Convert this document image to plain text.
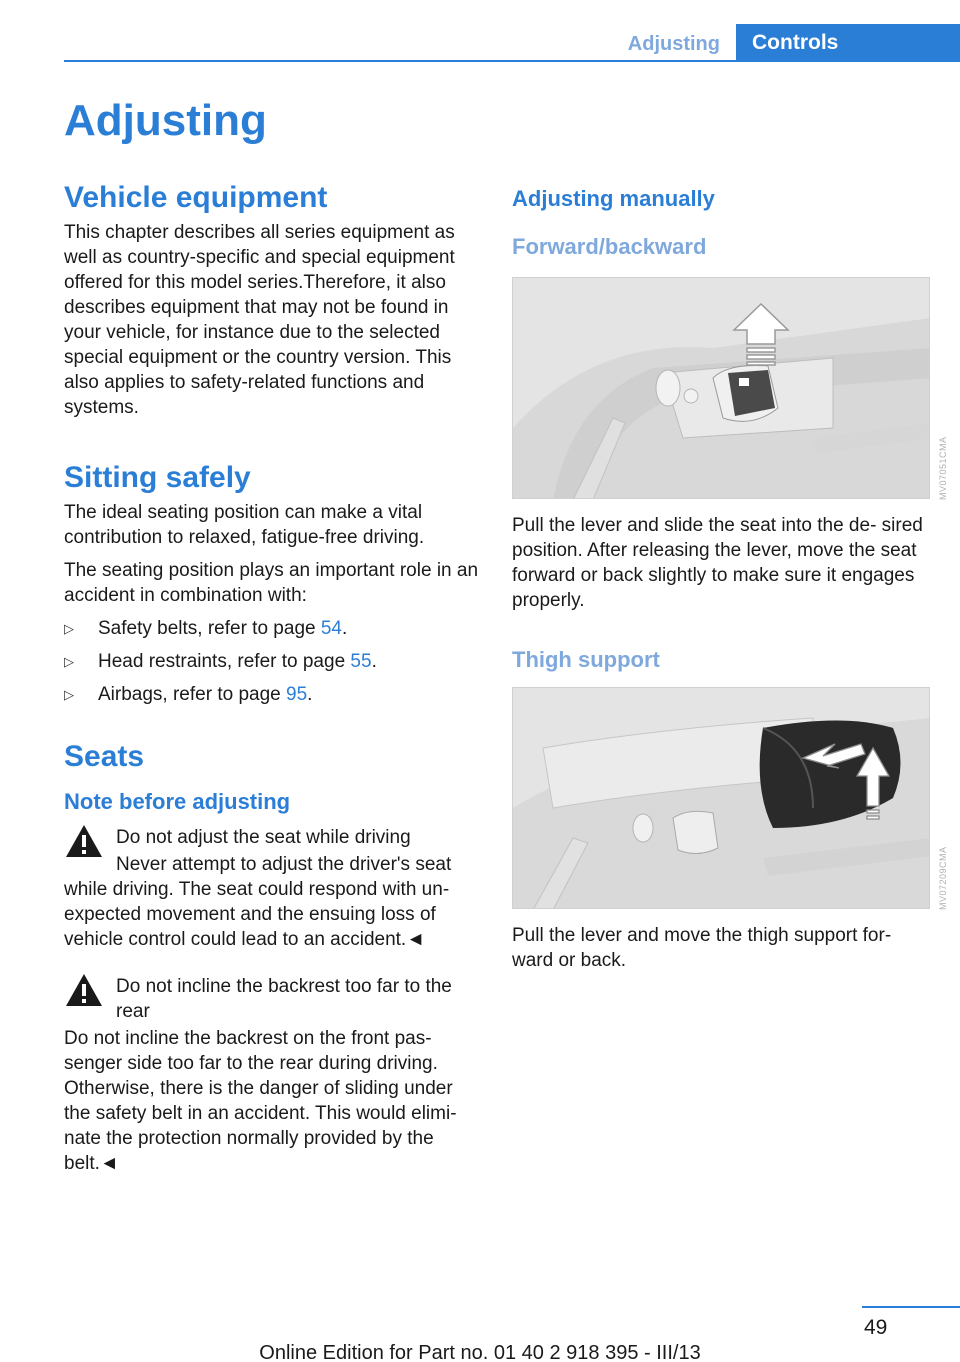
Adjusting	Controls
Adjusting
Vehicle equipment

This chapter describes all series equipment as well as country-specific and special equipment offered for this model series.Therefore, it also describes equipment that may not be found in your vehicle, for instance due to the selected special equipment or the country version. This also applies to safety-related functions and systems.

Sitting safely

The ideal seating position can make a vital contribution to relaxed, fatigue-free driving.

The seating position plays an important role in an accident in combination with:

▷ Safety belts, refer to page 54.
▷ Head restraints, refer to page 55.
▷ Airbags, refer to page 95.
Seats
Note before adjusting
Do not adjust the seat while driving
Never attempt to adjust the driver's seat
while driving. The seat could respond with un- expected movement and the ensuing loss of vehicle control could lead to an accident.◄
Do not incline the backrest too far to the rear
Do not incline the backrest on the front pas- senger side too far to the rear during driving. Otherwise, there is the danger of sliding under the safety belt in an accident. This would elimi- nate the protection normally provided by the belt.◄
Adjusting manually
Forward/backward

Pull the lever and slide the seat into the de- sired position. After releasing the lever, move the seat forward or back slightly to make sure it engages properly.

Thigh support

Pull the lever and move the thigh support for- ward or back.

MV07051CMA
MV07209CMA
49
Online Edition for Part no. 01 40 2 918 395 - III/13
